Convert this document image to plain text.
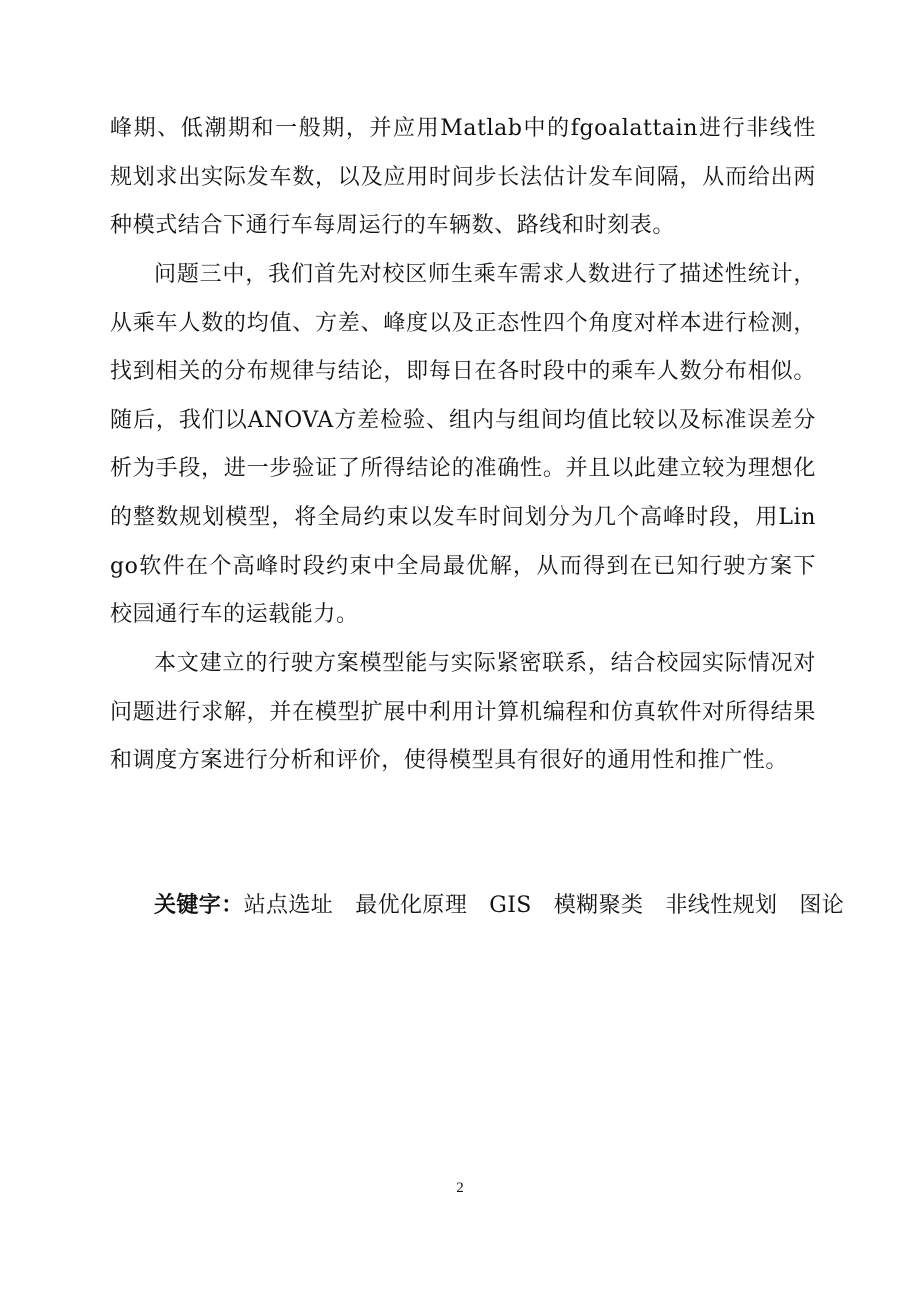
峰期、低潮期和一般期，并应用Matlab中的fgoalattain进行非线性规划求出实际发车数，以及应用时间步长法估计发车间隔，从而给出两种模式结合下通行车每周运行的车辆数、路线和时刻表。

问题三中，我们首先对校区师生乘车需求人数进行了描述性统计，从乘车人数的均值、方差、峰度以及正态性四个角度对样本进行检测，找到相关的分布规律与结论，即每日在各时段中的乘车人数分布相似。随后，我们以ANOVA方差检验、组内与组间均值比较以及标准误差分析为手段，进一步验证了所得结论的准确性。并且以此建立较为理想化的整数规划模型，将全局约束以发车时间划分为几个高峰时段，用Lingo软件在个高峰时段约束中全局最优解，从而得到在已知行驶方案下校园通行车的运载能力。

本文建立的行驶方案模型能与实际紧密联系，结合校园实际情况对问题进行求解，并在模型扩展中利用计算机编程和仿真软件对所得结果和调度方案进行分析和评价，使得模型具有很好的通用性和推广性。

关键字：站点选址 最优化原理 GIS 模糊聚类 非线性规划 图论
2
